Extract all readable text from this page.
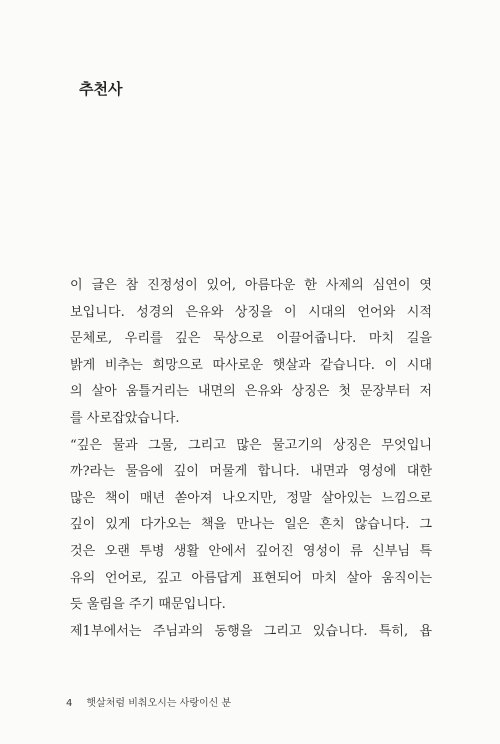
추천사
이 글은 참 진정성이 있어, 아름다운 한 사제의 심연이 엿
보입니다. 성경의 은유와 상징을 이 시대의 언어와 시적
문체로, 우리를 깊은 묵상으로 이끌어줍니다. 마치 길을
밝게 비추는 희망으로 따사로운 햇살과 같습니다. 이 시대
의 살아 움틀거리는 내면의 은유와 상징은 첫 문장부터 저
를 사로잡았습니다.
“깊은 물과 그물, 그리고 많은 물고기의 상징은 무엇입니
까?라는 물음에 깊이 머물게 합니다. 내면과 영성에 대한
많은 책이 매년 쏟아져 나오지만, 정말 살아있는 느낌으로
깊이 있게 다가오는 책을 만나는 일은 흔치 않습니다. 그
것은 오랜 투병 생활 안에서 깊어진 영성이 류 신부님 특
유의 언어로, 깊고 아름답게 표현되어 마치 살아 움직이는
듯 울림을 주기 때문입니다.
제1부에서는 주님과의 동행을 그리고 있습니다. 특히, 욥
4 햇살처럼 비춰오시는 사랑이신 분
